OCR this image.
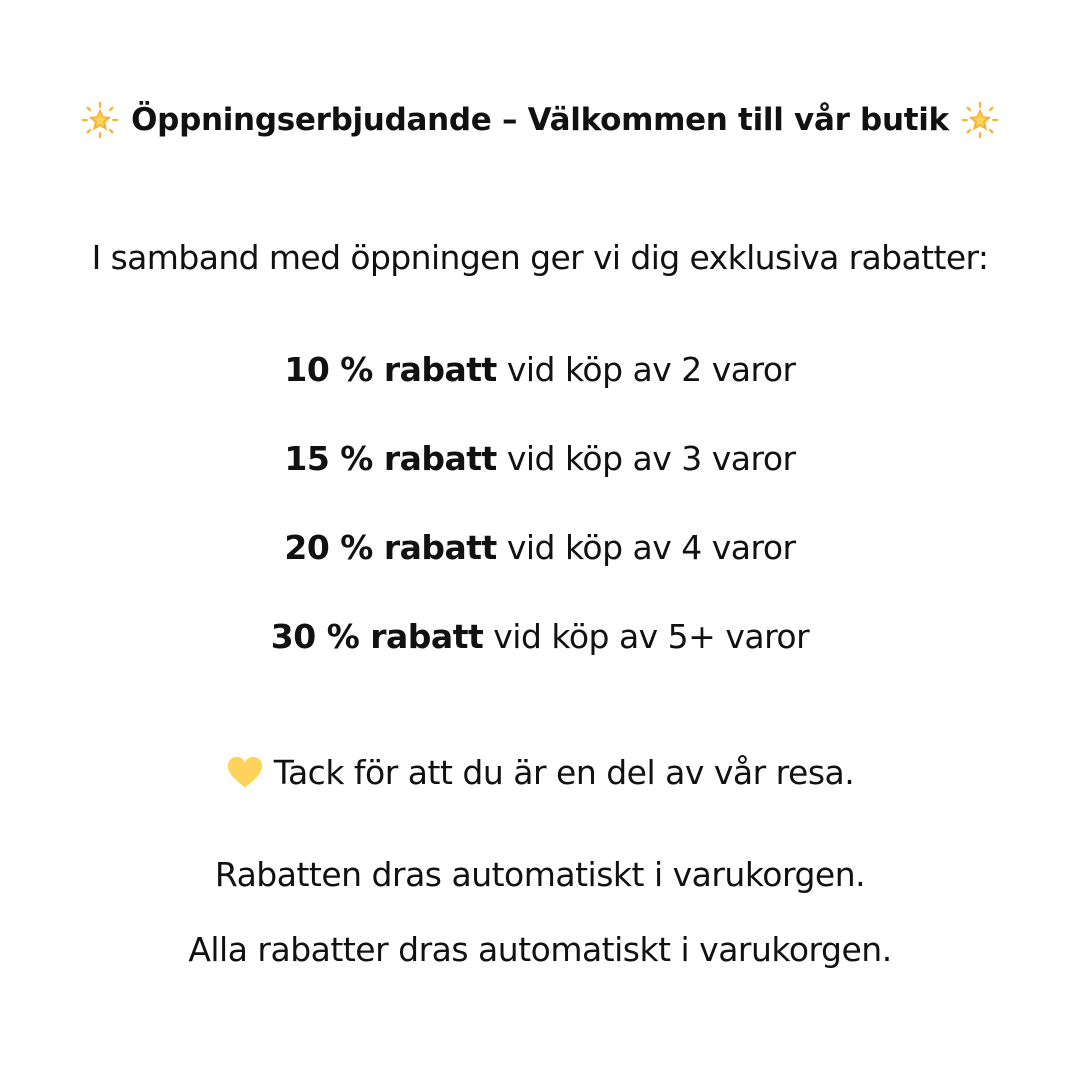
Öppningserbjudande – Välkommen till vår butik
I samband med öppningen ger vi dig exklusiva rabatter:
10 % rabatt vid köp av 2 varor
15 % rabatt vid köp av 3 varor
20 % rabatt vid köp av 4 varor
30 % rabatt vid köp av 5+ varor
Tack för att du är en del av vår resa.
Rabatten dras automatiskt i varukorgen.
Alla rabatter dras automatiskt i varukorgen.
